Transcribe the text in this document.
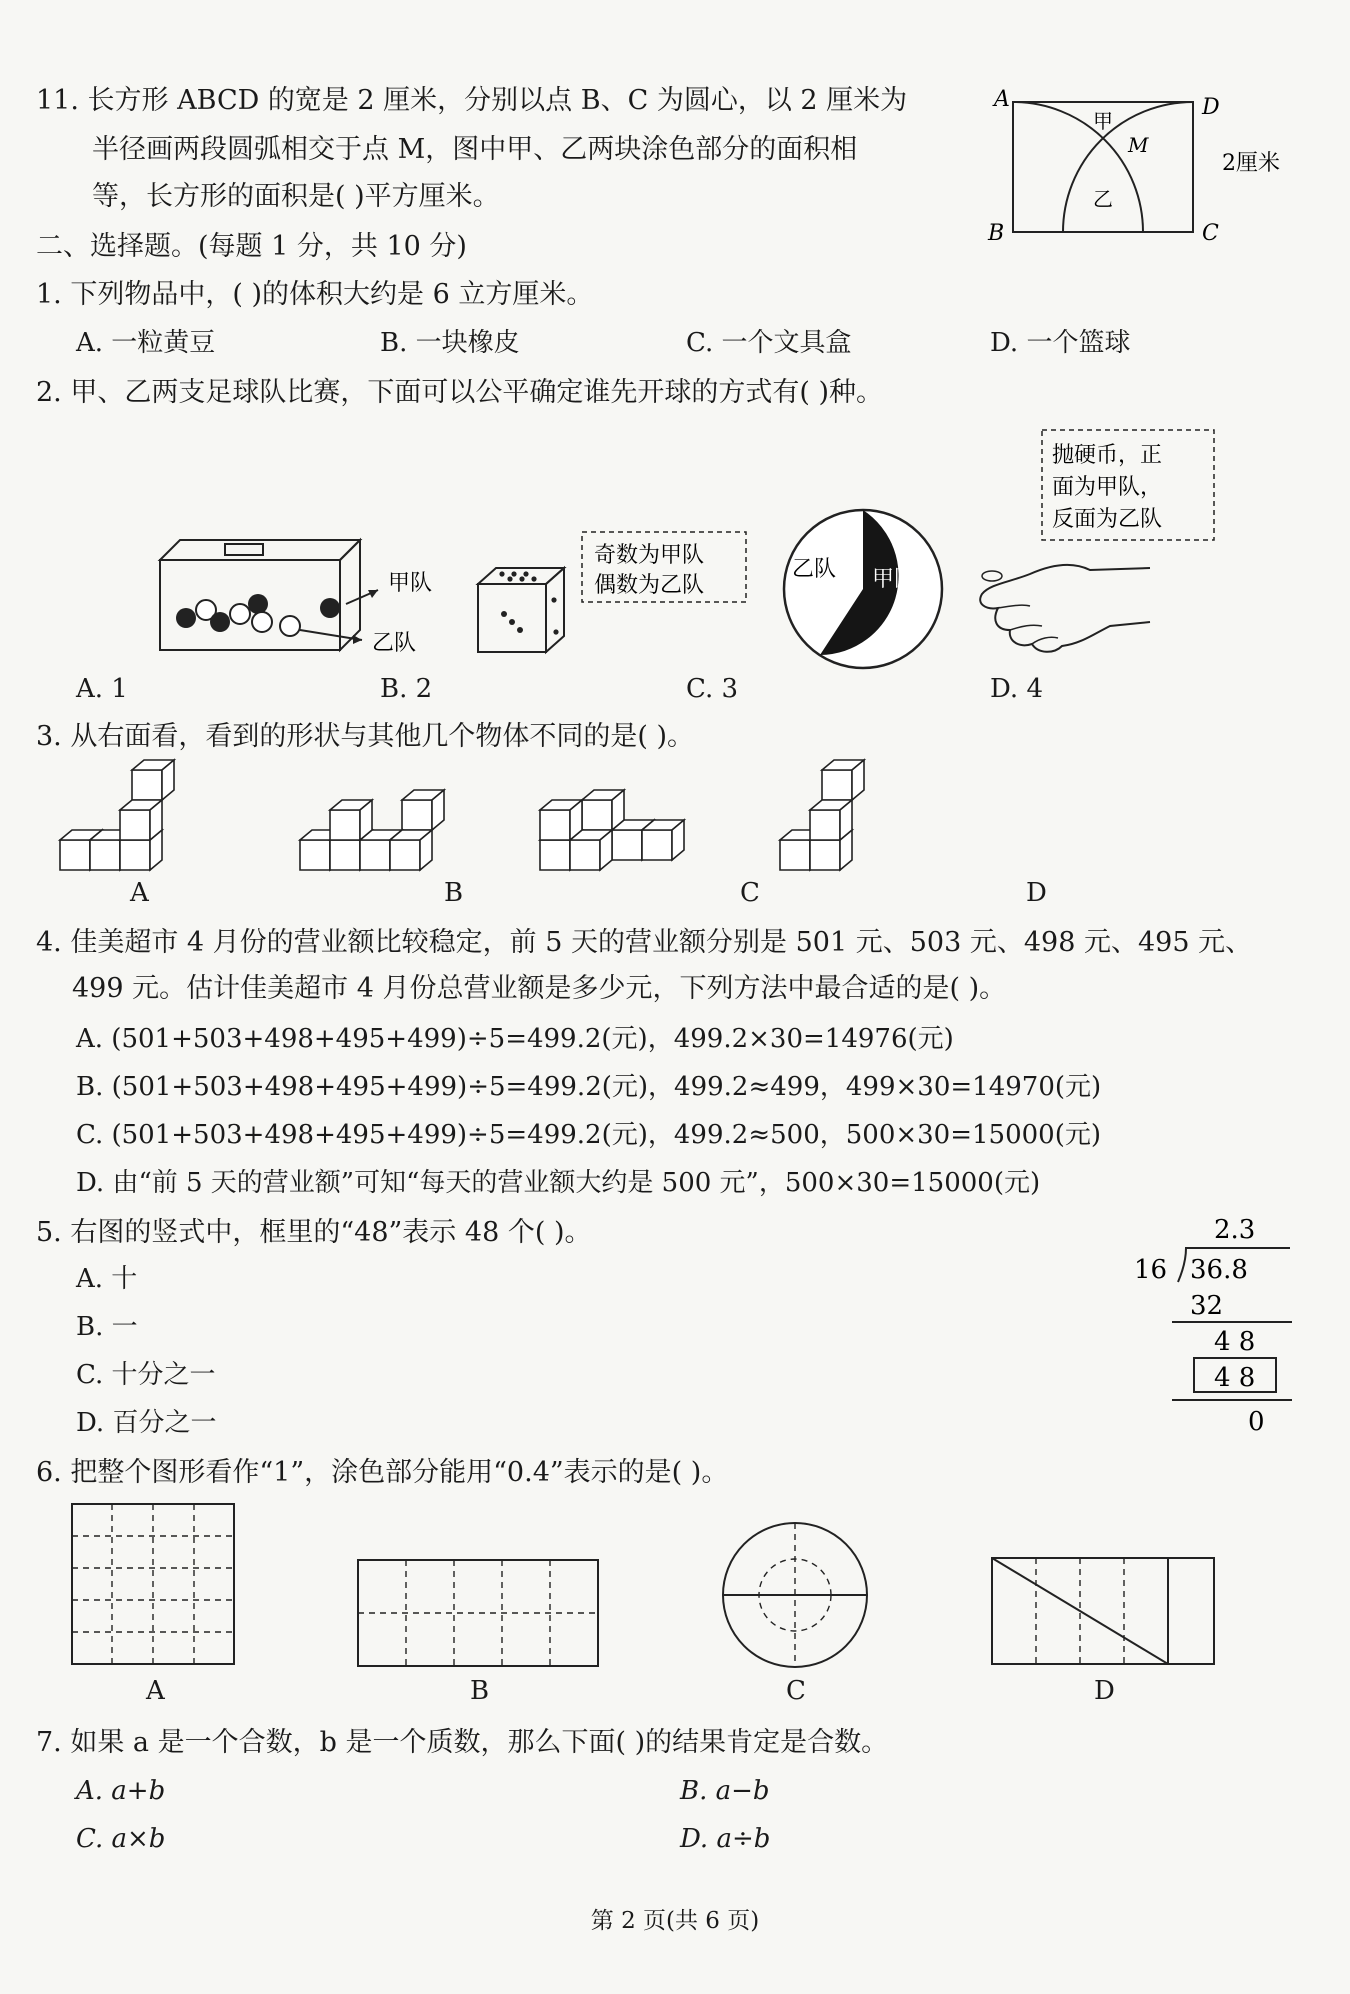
11. 长方形 ABCD 的宽是 2 厘米，分别以点 B、C 为圆心，以 2 厘米为
半径画两段圆弧相交于点 M，图中甲、乙两块涂色部分的面积相
等，长方形的面积是( )平方厘米。
A	D
B	C
甲
M
乙
2厘米
二、选择题。(每题 1 分，共 10 分)
1. 下列物品中，( )的体积大约是 6 立方厘米。
A. 一粒黄豆	B. 一块橡皮	C. 一个文具盒	D. 一个篮球
2. 甲、乙两支足球队比赛，下面可以公平确定谁先开球的方式有( )种。
甲队
乙队
奇数为甲队
偶数为乙队
乙队 甲队
抛硬币，正
面为甲队，
反面为乙队
A. 1	B. 2	C. 3	D. 4
3. 从右面看，看到的形状与其他几个物体不同的是( )。
A	B	C	D
4. 佳美超市 4 月份的营业额比较稳定，前 5 天的营业额分别是 501 元、503 元、498 元、495 元、
499 元。估计佳美超市 4 月份总营业额是多少元，下列方法中最合适的是( )。
A. (501+503+498+495+499)÷5=499.2(元)，499.2×30=14976(元)
B. (501+503+498+495+499)÷5=499.2(元)，499.2≈499，499×30=14970(元)
C. (501+503+498+495+499)÷5=499.2(元)，499.2≈500，500×30=15000(元)
D. 由“前 5 天的营业额”可知“每天的营业额大约是 500 元”，500×30=15000(元)
5. 右图的竖式中，框里的“48”表示 48 个( )。
A. 十
B. 一
C. 十分之一
D. 百分之一
2.3
16 36.8
32
4 8
4 8
0
6. 把整个图形看作“1”，涂色部分能用“0.4”表示的是( )。
A	B	C	D
7. 如果 a 是一个合数，b 是一个质数，那么下面( )的结果肯定是合数。
A. a+b	B. a−b
C. a×b	D. a÷b
第 2 页(共 6 页)
